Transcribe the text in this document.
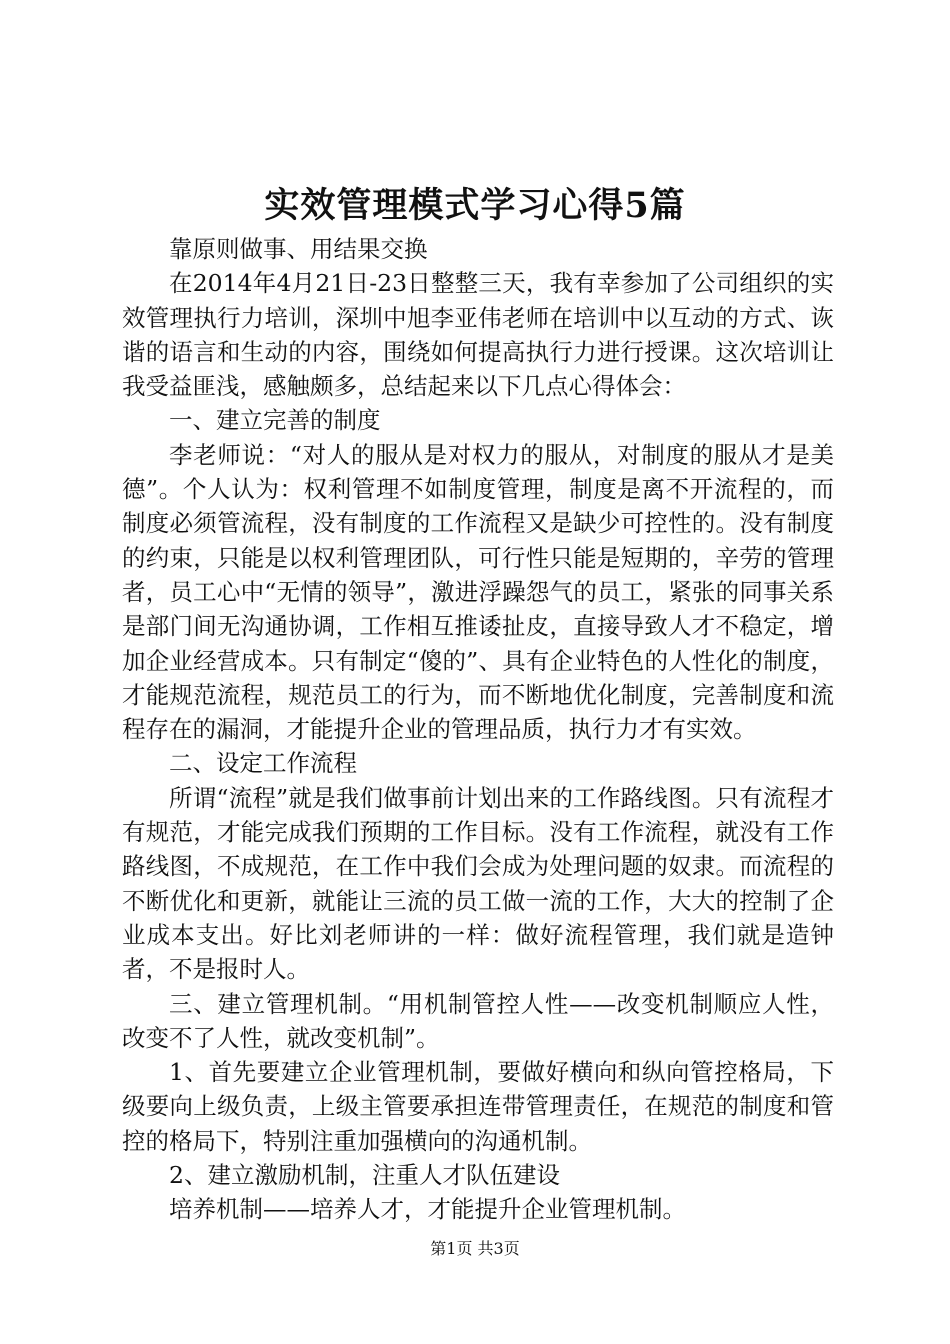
实效管理模式学习心得5篇

靠原则做事、用结果交换

在2014年4月21日-23日整整三天，我有幸参加了公司组织的实效管理执行力培训，深圳中旭李亚伟老师在培训中以互动的方式、诙谐的语言和生动的内容，围绕如何提高执行力进行授课。这次培训让我受益匪浅，感触颇多，总结起来以下几点心得体会：

一、建立完善的制度

李老师说：“对人的服从是对权力的服从，对制度的服从才是美德”。个人认为：权利管理不如制度管理，制度是离不开流程的，而制度必须管流程，没有制度的工作流程又是缺少可控性的。没有制度的约束，只能是以权利管理团队，可行性只能是短期的，辛劳的管理者，员工心中“无情的领导”，激进浮躁怨气的员工，紧张的同事关系是部门间无沟通协调，工作相互推诿扯皮，直接导致人才不稳定，增加企业经营成本。只有制定“傻的”、具有企业特色的人性化的制度，才能规范流程，规范员工的行为，而不断地优化制度，完善制度和流程存在的漏洞，才能提升企业的管理品质，执行力才有实效。

二、设定工作流程

所谓“流程”就是我们做事前计划出来的工作路线图。只有流程才有规范，才能完成我们预期的工作目标。没有工作流程，就没有工作路线图，不成规范，在工作中我们会成为处理问题的奴隶。而流程的不断优化和更新，就能让三流的员工做一流的工作，大大的控制了企业成本支出。好比刘老师讲的一样：做好流程管理，我们就是造钟者，不是报时人。

三、建立管理机制。“用机制管控人性——改变机制顺应人性，改变不了人性，就改变机制”。

1、首先要建立企业管理机制，要做好横向和纵向管控格局，下级要向上级负责，上级主管要承担连带管理责任，在规范的制度和管控的格局下，特别注重加强横向的沟通机制。

2、建立激励机制，注重人才队伍建设

培养机制——培养人才，才能提升企业管理机制。

第1页 共3页
